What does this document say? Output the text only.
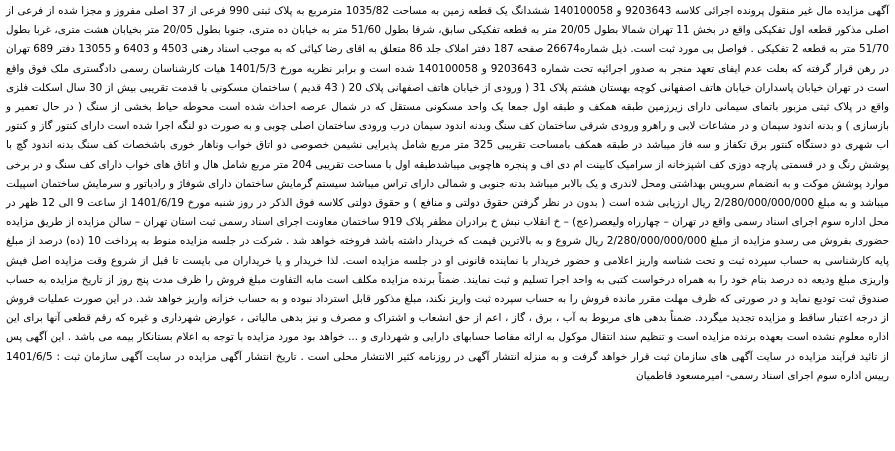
آگهی مزایده مال غیر منقول پرونده اجرائی کلاسه 9203643 و 140100058 ششدانگ یک قطعه زمین به مساحت 1035/82 مترمربع به پلاک ثبتی 990 فرعی از 37 اصلی مفروز و مجزا شده از فرعی از اصلی مذکور قطعه اول تفکیکی واقع در بخش 11 تهران شمالا بطول 20/05 متر به قطعه تفکیکی سابق، شرقا بطول 51/60 متر به خیابان ده متری، جنوبا بطول 20/05 متر بخیابان هشت متری، غربا بطول 51/70 متر به قطعه 2 تفکیکی . فواصل بی مورد ثبت است. ذیل شماره26674 صفحه 187 دفتر املاک جلد 86 متعلق به اقای رضا کیائی که به موجب اسناد رهنی 4503 و 6403 و 13055 دفتر 689 تهران در رهن قرار گرفته که بعلت عدم ایفای تعهد منجر به صدور اجرائیه تحت شماره 9203643 و 140100058 شده است و برابر نظریه مورخ 1401/5/3 هیات کارشناسان رسمی دادگستری ملک فوق واقع است در تهران خیابان پاسداران خیابان هاتف اصفهانی کوچه بهستان هشتم پلاک 31 ( ورودی از خیابان هاتف اصفهانی پلاک 20 ( 43 قدیم ) ساختمان مسکونی با قدمت تقریبی بیش از 30 سال اسکلت فلزی واقع در پلاک ثبتی مزبور باتمای سیمانی دارای زیرزمین طبقه همکف و طبقه اول جمعا یک واحد مسکونی مستقل که در شمال عرصه احداث شده است محوطه حیاط بخشی از سنگ ( در حال تعمیر و بازسازی ) و بدنه اندود سیمان و در مشاعات لابی و راهرو ورودی شرقی ساختمان کف سنگ وبدنه اندود سیمان درب ورودی ساختمان اصلی چوبی و به صورت دو لنگه اجرا شده است دارای کنتور گاز و کنتور اب شهری دو دستگاه کنتور برق تکفاز و سه فاز میباشد در طبقه همکف بامساحت تقریبی 325 متر مربع شامل پذیرایی نشیمن خصوصی دو اتاق خواب وناهار خوری باشخصات کف سنگ بدنه اندود گچ با پوشش رنگ و در قسمتی پارچه دوزی کف اشپزخانه از سرامیک کابینت ام دی اف و پنجره هاچوبی میباشدطبقه اول با مساحت تقریبی 204 متر مربع شامل هال و اتاق های خواب دارای کف سنگ و در برخی موارد پوشش موکت و به انضمام سرویس بهداشتی ومحل لاندری و یک بالابر میباشد بدنه جنوبی و شمالی دارای تراس میباشد سیستم گرمایش ساختمان دارای شوفاژ و رادیاتور و سرمایش ساختمان اسپیلت میباشد و به مبلغ 2/280/000/000/000 ریال ارزیابی شده است ( بدون در نظر گرفتن حقوق دولتی و منافع ) و حقوق دولتی کلاسه فوق الذکر در روز شنبه مورخ 1401/6/19 از ساعت 9 الی 12 ظهر در محل اداره سوم اجرای اسناد رسمی واقع در تهران – چهارراه ولیعصر(عج) – خ انقلاب نبش خ برادران مظفر پلاک 919 ساختمان معاونت اجرای اسناد رسمی ثبت استان تهران – سالن مزایده از طریق مزایده حضوری بفروش می رسدو مزایده از مبلغ 2/280/000/000/000 ریال شروع و به بالاترین قیمت که خریدار داشته باشد فروخته خواهد شد . شرکت در جلسه مزایده منوط به پرداخت 10 (ده) درصد از مبلغ پایه کارشناسی به حساب سپرده ثبت و تحت شناسه واریز اعلامی و حضور خریدار با نماینده قانونی او در جلسه مزایده است. لذا خریدار و یا خریداران می بایست تا قبل از شروع وقت مزایده اصل فیش واریزی مبلغ ودیعه ده درصد بنام خود را به همراه درخواست کتبی به واحد اجرا تسلیم و ثبت نمایند. ضمناً برنده مزایده مکلف است مابه التفاوت مبلغ فروش را ظرف مدت پنج روز از تاریخ مزایده به حساب صندوق ثبت تودیع نماید و در صورتی که ظرف مهلت مقرر مانده فروش را به حساب سپرده ثبت واریز نکند، مبلغ مذکور قابل استرداد نبوده و به حساب خزانه واریز خواهد شد. در این صورت عملیات فروش از درجه اعتبار ساقط و مزایده تجدید میگردد. ضمناً بدهی های مربوط به آب ، برق ، گاز ، اعم از حق انشعاب و اشتراک و مصرف و نیز بدهی مالیاتی ، عوارض شهرداری و غیره که رقم قطعی آنها برای این اداره معلوم نشده است بعهده برنده مزایده است و تنظیم سند انتقال موکول به ارائه مفاصا حسابهای دارایی و شهرداری و ... خواهد بود مورد مزایده با توجه به اعلام بستانکار بیمه می باشد . این آگهی پس از تائید فرآیند مزایده در سایت آگهی های سازمان ثبت قرار خواهد گرفت و به منزله انتشار آگهی در روزنامه کثیر الانتشار محلی است . تاریخ انتشار آگهی مزایده در سایت آگهی سازمان ثبت : 1401/6/5 رییس اداره سوم اجرای اسناد رسمی- امیرمسعود قاطمیان
